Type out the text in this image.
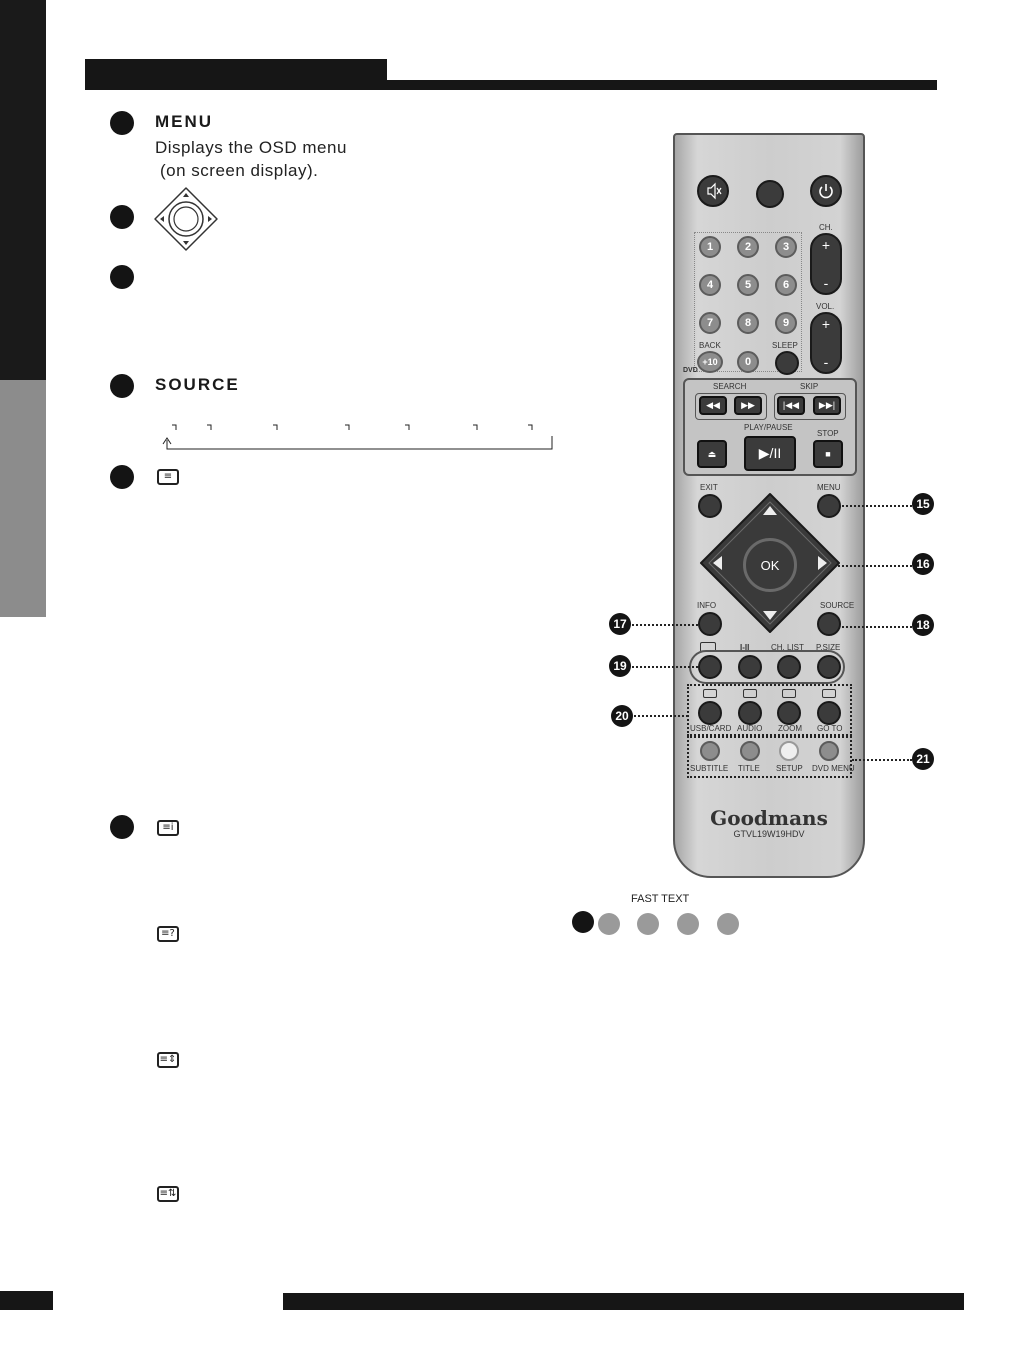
MENU
Displays the OSD menu
(on screen display).
SOURCE
≡
≡i
≡?
≡⇕
≡⇅
1	2	3
4	5	6
7	8	9
BACK
+10
DVD
0
SLEEP
CH.
+
-
VOL.
+
-
SEARCH	SKIP
◀◀ ▶▶	|◀◀ ▶▶|
PLAY/PAUSE
STOP
⏏	▶/II	■
EXIT	MENU
OK
INFO	SOURCE
I-II	CH. LIST P.SIZE
USB/CARD AUDIO ZOOM GO TO
SUBTITLE TITLE SETUP DVD MENU
Goodmans
GTVL19W19HDV
15
16
17	18
19
20
21
FAST TEXT
